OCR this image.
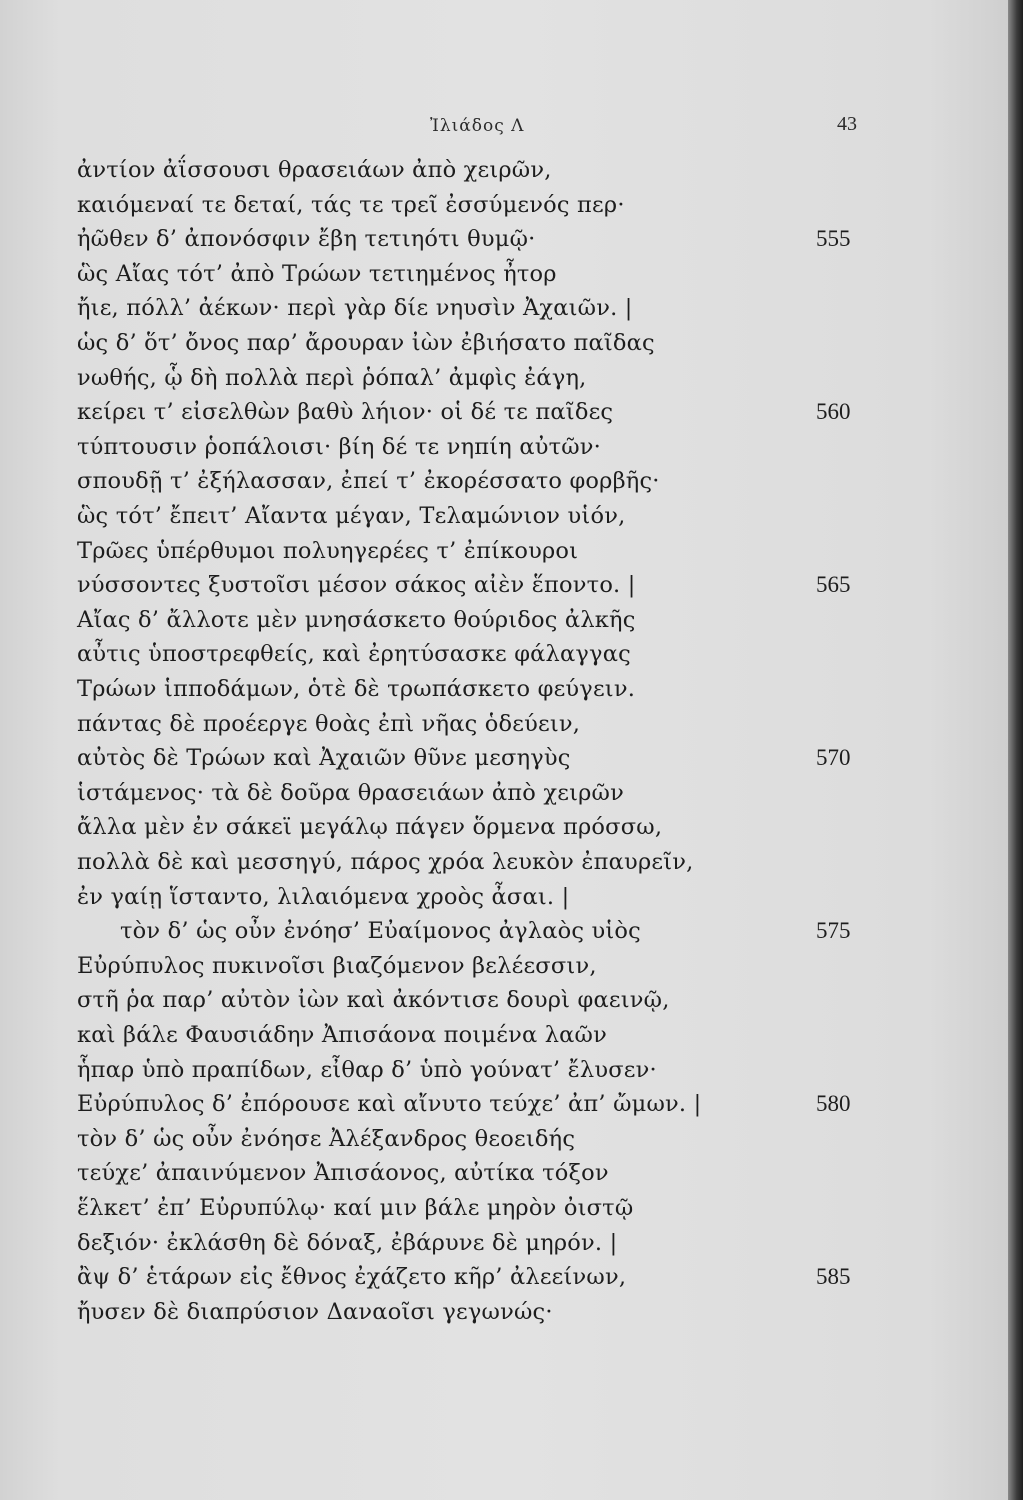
Ἰλιάδος Λ	43
ἀντίον ἀΐσσουσι θρασειάων ἀπὸ χειρῶν,
καιόμεναί τε δεταί, τάς τε τρεῖ ἐσσύμενός περ·
ἠῶθεν δ’ ἀπονόσφιν ἔβη τετιηότι θυμῷ·	555
ὣς Αἴας τότ’ ἀπὸ Τρώων τετιημένος ἦτορ
ἤιε, πόλλ’ ἀέκων· περὶ γὰρ δίε νηυσὶν Ἀχαιῶν. |
ὡς δ’ ὅτ’ ὄνος παρ’ ἄρουραν ἰὼν ἐβιήσατο παῖδας
νωθής, ᾧ δὴ πολλὰ περὶ ῥόπαλ’ ἀμφὶς ἐάγη,
κείρει τ’ εἰσελθὼν βαθὺ λήιον· οἱ δέ τε παῖδες	560
τύπτουσιν ῥοπάλοισι· βίη δέ τε νηπίη αὐτῶν·
σπουδῇ τ’ ἐξήλασσαν, ἐπεί τ’ ἐκορέσσατο φορβῆς·
ὣς τότ’ ἔπειτ’ Αἴαντα μέγαν, Τελαμώνιον υἱόν,
Τρῶες ὑπέρθυμοι πολυηγερέες τ’ ἐπίκουροι
νύσσοντες ξυστοῖσι μέσον σάκος αἰὲν ἕποντο. |	565
Αἴας δ’ ἄλλοτε μὲν μνησάσκετο θούριδος ἀλκῆς
αὖτις ὑποστρεφθείς, καὶ ἐρητύσασκε φάλαγγας
Τρώων ἱπποδάμων, ὁτὲ δὲ τρωπάσκετο φεύγειν.
πάντας δὲ προέεργε θοὰς ἐπὶ νῆας ὁδεύειν,
αὐτὸς δὲ Τρώων καὶ Ἀχαιῶν θῦνε μεσηγὺς	570
ἱστάμενος· τὰ δὲ δοῦρα θρασειάων ἀπὸ χειρῶν
ἄλλα μὲν ἐν σάκεϊ μεγάλῳ πάγεν ὅρμενα πρόσσω,
πολλὰ δὲ καὶ μεσσηγύ, πάρος χρόα λευκὸν ἐπαυρεῖν,
ἐν γαίῃ ἵσταντο, λιλαιόμενα χροὸς ἆσαι. |
τὸν δ’ ὡς οὖν ἐνόησ’ Εὐαίμονος ἀγλαὸς υἱὸς	575
Εὐρύπυλος πυκινοῖσι βιαζόμενον βελέεσσιν,
στῆ ῥα παρ’ αὐτὸν ἰὼν καὶ ἀκόντισε δουρὶ φαεινῷ,
καὶ βάλε Φαυσιάδην Ἀπισάονα ποιμένα λαῶν
ἧπαρ ὑπὸ πραπίδων, εἶθαρ δ’ ὑπὸ γούνατ’ ἔλυσεν·
Εὐρύπυλος δ’ ἐπόρουσε καὶ αἴνυτο τεύχε’ ἀπ’ ὤμων. |	580
τὸν δ’ ὡς οὖν ἐνόησε Ἀλέξανδρος θεοειδής
τεύχε’ ἀπαινύμενον Ἀπισάονος, αὐτίκα τόξον
ἕλκετ’ ἐπ’ Εὐρυπύλῳ· καί μιν βάλε μηρὸν ὀιστῷ
δεξιόν· ἐκλάσθη δὲ δόναξ, ἐβάρυνε δὲ μηρόν. |
ἂψ δ’ ἑτάρων εἰς ἔθνος ἐχάζετο κῆρ’ ἀλεείνων,	585
ἤυσεν δὲ διαπρύσιον Δαναοῖσι γεγωνώς·
